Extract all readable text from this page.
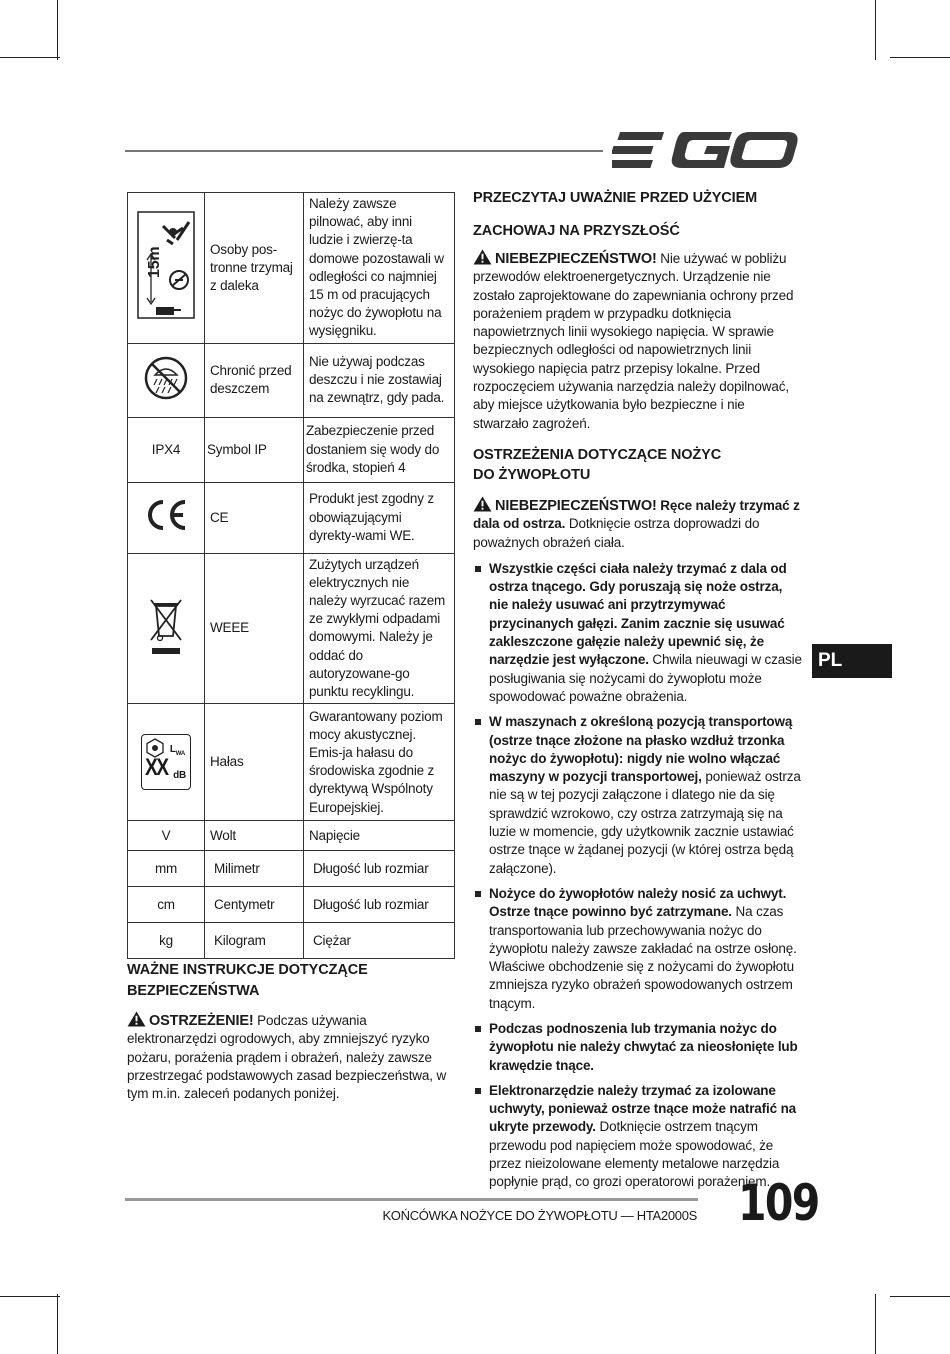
15m	Osoby pos-
tronne trzymaj
z daleka	Należy zawsze pilnować, aby inni ludzie i zwierzę-ta domowe pozostawali w odległości co najmniej 15 m od pracujących nożyc do żywopłotu na wysięgniku.
	Chronić przed deszczem	Nie używaj podczas deszczu i nie zostawiaj na zewnątrz, gdy pada.
IPX4	Symbol IP	Zabezpieczenie przed dostaniem się wody do środka, stopień 4
	CE	Produkt jest zgodny z obowiązującymi dyrekty-wami WE.
	WEEE	Zużytych urządzeń elektrycznych nie należy wyrzucać razem ze zwykłymi odpadami domowymi. Należy je oddać do autoryzowane-go punktu recyklingu.

$L_{WA}$
XX dB	Hałas	Gwarantowany poziom mocy akustycznej. Emis-ja hałasu do środowiska zgodnie z dyrektywą Wspólnoty Europejskiej.
V	Wolt	Napięcie
mm	Milimetr	Długość lub rozmiar
cm	Centymetr	Długość lub rozmiar
kg	Kilogram	Ciężar
WAŻNE INSTRUKCJE DOTYCZĄCE BEZPIECZEŃSTWA

OSTRZEŻENIE! Podczas używania elektronarzędzi ogrodowych, aby zmniejszyć ryzyko pożaru, porażenia prądem i obrażeń, należy zawsze przestrzegać podstawowych zasad bezpieczeństwa, w tym m.in. zaleceń podanych poniżej.

PRZECZYTAJ UWAŻNIE PRZED UŻYCIEM
ZACHOWAJ NA PRZYSZŁOŚĆ

NIEBEZPIECZEŃSTWO! Nie używać w pobliżu przewodów elektroenergetycznych. Urządzenie nie zostało zaprojektowane do zapewniania ochrony przed porażeniem prądem w przypadku dotknięcia napowietrznych linii wysokiego napięcia. W sprawie bezpiecznych odległości od napowietrznych linii wysokiego napięcia patrz przepisy lokalne. Przed rozpoczęciem używania narzędzia należy dopilnować, aby miejsce użytkowania było bezpieczne i nie stwarzało zagrożeń.

OSTRZEŻENIA DOTYCZĄCE NOŻYC DO ŻYWOPŁOTU

NIEBEZPIECZEŃSTWO! Ręce należy trzymać z dala od ostrza. Dotknięcie ostrza doprowadzi do poważnych obrażeń ciała.

Wszystkie części ciała należy trzymać z dala od ostrza tnącego. Gdy poruszają się noże ostrza, nie należy usuwać ani przytrzymywać przycinanych gałęzi. Zanim zacznie się usuwać zakleszczone gałęzie należy upewnić się, że narzędzie jest wyłączone. Chwila nieuwagi w czasie posługiwania się nożycami do żywopłotu może spowodować poważne obrażenia.
W maszynach z określoną pozycją transportową (ostrze tnące złożone na płasko wzdłuż trzonka nożyc do żywopłotu): nigdy nie wolno włączać maszyny w pozycji transportowej, ponieważ ostrza nie są w tej pozycji załączone i dlatego nie da się sprawdzić wzrokowo, czy ostrza zatrzymają się na luzie w momencie, gdy użytkownik zacznie ustawiać ostrze tnące w żądanej pozycji (w której ostrza będą załączone).
Nożyce do żywopłotów należy nosić za uchwyt. Ostrze tnące powinno być zatrzymane. Na czas transportowania lub przechowywania nożyc do żywopłotu należy zawsze zakładać na ostrze osłonę. Właściwe obchodzenie się z nożycami do żywopłotu zmniejsza ryzyko obrażeń spowodowanych ostrzem tnącym.
Podczas podnoszenia lub trzymania nożyc do żywopłotu nie należy chwytać za nieosłonięte lub krawędzie tnące.
Elektronarzędzie należy trzymać za izolowane uchwyty, ponieważ ostrze tnące może natrafić na ukryte przewody. Dotknięcie ostrzem tnącym przewodu pod napięciem może spowodować, że przez nieizolowane elementy metalowe narzędzia popłynie prąd, co grozi operatorowi porażeniem.
PL
KOŃCÓWKA NOŻYCE DO ŻYWOPŁOTU — HTA2000S 109
